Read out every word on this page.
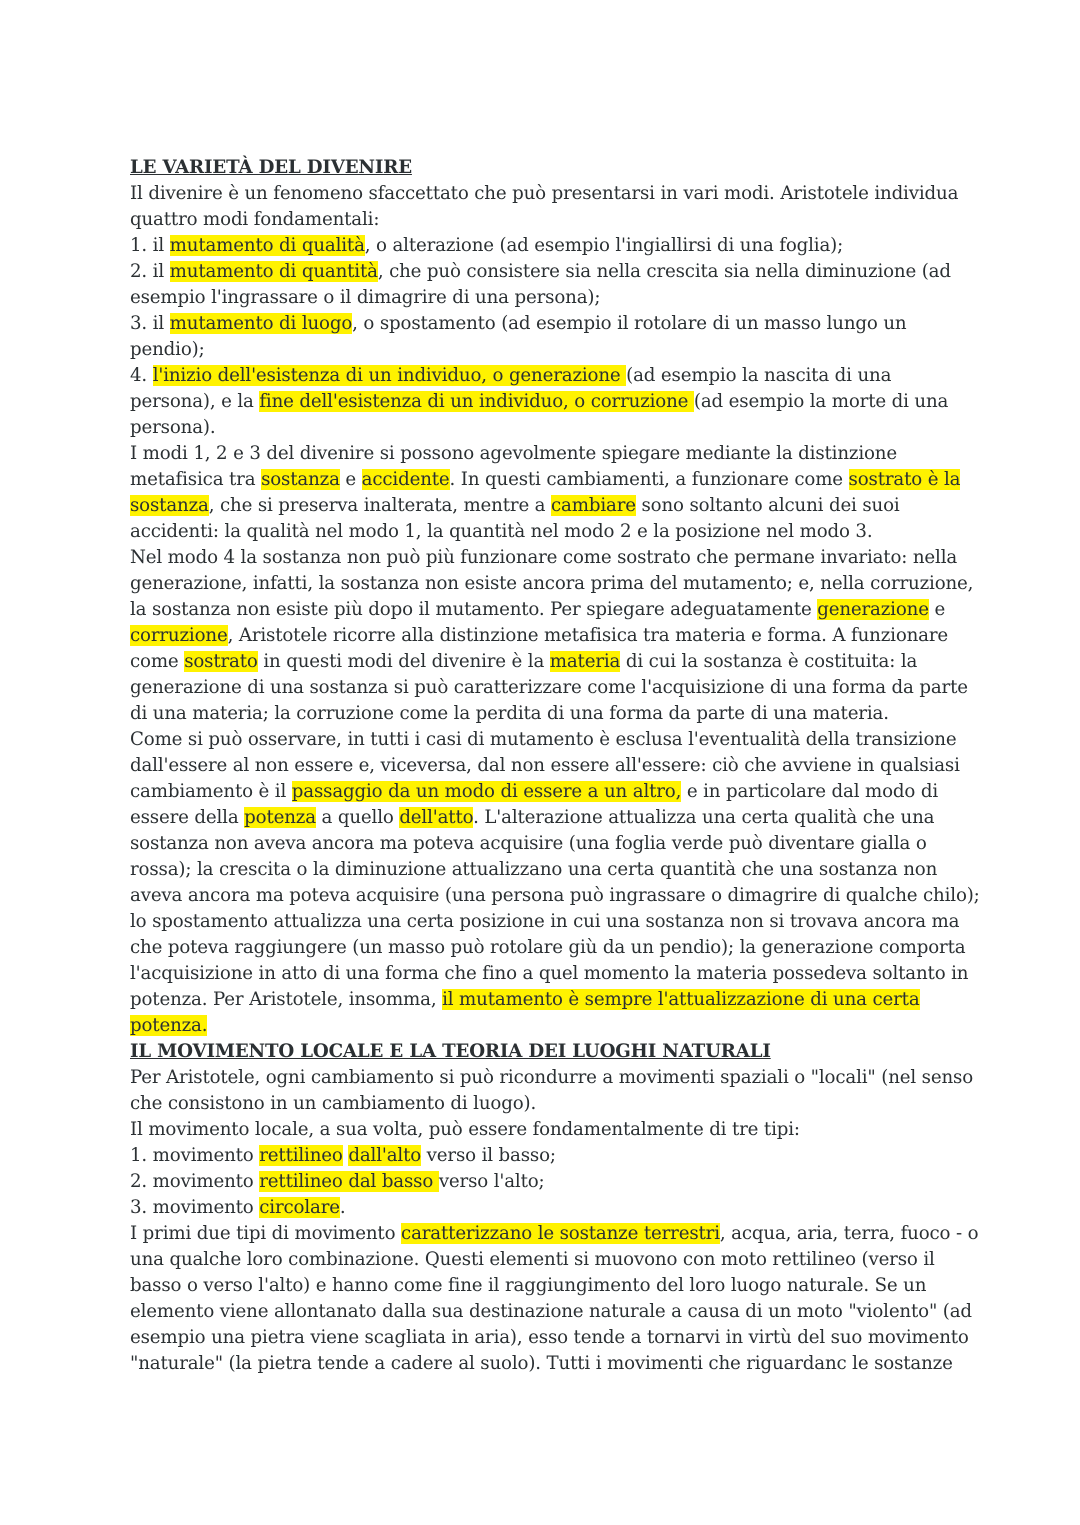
LE VARIETÀ DEL DIVENIRE
Il divenire è un fenomeno sfaccettato che può presentarsi in vari modi. Aristotele individua
quattro modi fondamentali:
1. il mutamento di qualità, o alterazione (ad esempio l'ingiallirsi di una foglia);
2. il mutamento di quantità, che può consistere sia nella crescita sia nella diminuzione (ad
esempio l'ingrassare o il dimagrire di una persona);
3. il mutamento di luogo, o spostamento (ad esempio il rotolare di un masso lungo un
pendio);
4. l'inizio dell'esistenza di un individuo, o generazione (ad esempio la nascita di una
persona), e la fine dell'esistenza di un individuo, o corruzione (ad esempio la morte di una
persona).
I modi 1, 2 e 3 del divenire si possono agevolmente spiegare mediante la distinzione
metafisica tra sostanza e accidente. In questi cambiamenti, a funzionare come sostrato è la
sostanza, che si preserva inalterata, mentre a cambiare sono soltanto alcuni dei suoi
accidenti: la qualità nel modo 1, la quantità nel modo 2 e la posizione nel modo 3.
Nel modo 4 la sostanza non può più funzionare come sostrato che permane invariato: nella
generazione, infatti, la sostanza non esiste ancora prima del mutamento; e, nella corruzione,
la sostanza non esiste più dopo il mutamento. Per spiegare adeguatamente generazione e
corruzione, Aristotele ricorre alla distinzione metafisica tra materia e forma. A funzionare
come sostrato in questi modi del divenire è la materia di cui la sostanza è costituita: la
generazione di una sostanza si può caratterizzare come l'acquisizione di una forma da parte
di una materia; la corruzione come la perdita di una forma da parte di una materia.
Come si può osservare, in tutti i casi di mutamento è esclusa l'eventualità della transizione
dall'essere al non essere e, viceversa, dal non essere all'essere: ciò che avviene in qualsiasi
cambiamento è il passaggio da un modo di essere a un altro, e in particolare dal modo di
essere della potenza a quello dell'atto. L'alterazione attualizza una certa qualità che una
sostanza non aveva ancora ma poteva acquisire (una foglia verde può diventare gialla o
rossa); la crescita o la diminuzione attualizzano una certa quantità che una sostanza non
aveva ancora ma poteva acquisire (una persona può ingrassare o dimagrire di qualche chilo);
lo spostamento attualizza una certa posizione in cui una sostanza non si trovava ancora ma
che poteva raggiungere (un masso può rotolare giù da un pendio); la generazione comporta
l'acquisizione in atto di una forma che fino a quel momento la materia possedeva soltanto in
potenza. Per Aristotele, insomma, il mutamento è sempre l'attualizzazione di una certa
potenza.
IL MOVIMENTO LOCALE E LA TEORIA DEI LUOGHI NATURALI
Per Aristotele, ogni cambiamento si può ricondurre a movimenti spaziali o "locali" (nel senso
che consistono in un cambiamento di luogo).
Il movimento locale, a sua volta, può essere fondamentalmente di tre tipi:
1. movimento rettilineo dall'alto verso il basso;
2. movimento rettilineo dal basso verso l'alto;
3. movimento circolare.
I primi due tipi di movimento caratterizzano le sostanze terrestri, acqua, aria, terra, fuoco - o
una qualche loro combinazione. Questi elementi si muovono con moto rettilineo (verso il
basso o verso l'alto) e hanno come fine il raggiungimento del loro luogo naturale. Se un
elemento viene allontanato dalla sua destinazione naturale a causa di un moto "violento" (ad
esempio una pietra viene scagliata in aria), esso tende a tornarvi in virtù del suo movimento
"naturale" (la pietra tende a cadere al suolo). Tutti i movimenti che riguardanc le sostanze
